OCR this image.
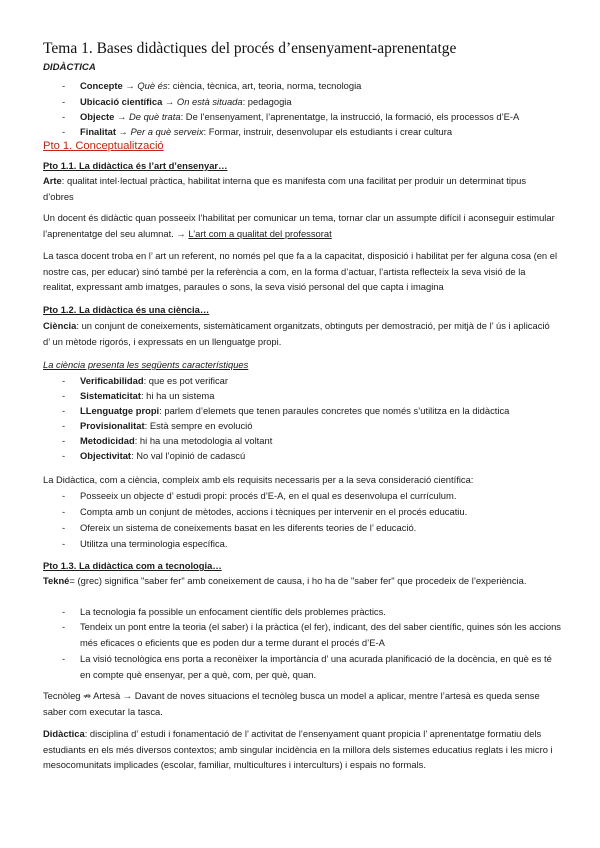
Tema 1. Bases didàctiques del procés d’ensenyament-aprenentatge
DIDÀCTICA
- Concepte → Què és: ciència, tècnica, art, teoria, norma, tecnologia
- Ubicació científica → On està situada: pedagogia
- Objecte → De què trata: De l’ensenyament, l’aprenentatge, la instrucció, la formació, els processos d’E-A
- Finalitat → Per a què serveix: Formar, instruir, desenvolupar els estudiants i crear cultura
Pto 1. Conceptualització
Pto 1.1. La didàctica és l’art d’ensenyar…
Arte: qualitat intel·lectual pràctica, habilitat interna que es manifesta com una facilitat per produir un determinat tipus d’obres
Un docent és didàctic quan posseeix l’habilitat per comunicar un tema, tornar clar un assumpte difícil i aconseguir estimular l’aprenentatge del seu alumnat. → L’art com a qualitat del professorat
La tasca docent troba en l’ art un referent, no només pel que fa a la capacitat, disposició i habilitat per fer alguna cosa (en el nostre cas, per educar) sinó també per la referència a com, en la forma d’actuar, l’artista reflecteix la seva visió de la realitat, expressant amb imatges, paraules o sons, la seva visió personal del que capta i imagina
Pto 1.2. La didàctica és una ciència…
Ciència: un conjunt de coneixements, sistemàticament organitzats, obtinguts per demostració, per mitjà de l’ ús i aplicació d’ un mètode rigorós, i expressats en un llenguatge propi.
La ciència presenta les següents característiques
- Verificabilidad: que es pot verificar
- Sistematicitat: hi ha un sistema
- LLenguatge propi: parlem d’elemets que tenen paraules concretes que només s’utilitza en la didàctica
- Provisionalitat: Està sempre en evolució
- Metodicidad: hi ha una metodologia al voltant
- Objectivitat: No val l’opinió de cadascú
La Didàctica, com a ciència, compleix amb els requisits necessaris per a la seva consideració científica:
- Posseeix un objecte d’ estudi propi: procés d’E-A, en el qual es desenvolupa el currículum.
- Compta amb un conjunt de mètodes, accions i tècniques per intervenir en el procés educatiu.
- Ofereix un sistema de coneixements basat en les diferents teories de l’ educació.
- Utilitza una terminologia específica.
Pto 1.3. La didàctica com a tecnologia…
Tekné= (grec) significa "saber fer" amb coneixement de causa, i ho ha de "saber fer" que procedeix de l’experiència.
- La tecnologia fa possible un enfocament científic dels problemes pràctics.
- Tendeix un pont entre la teoria (el saber) i la pràctica (el fer), indicant, des del saber científic, quines són les accions més eficaces o eficients que es poden dur a terme durant el procés d’E-A
- La visió tecnològica ens porta a reconèixer la importància d’ una acurada planificació de la docència, en què es té en compte què ensenyar, per a què, com, per què, quan.
Tecnòleg ⇏ Artesà → Davant de noves situacions el tecnòleg busca un model a aplicar, mentre l’artesà es queda sense saber com executar la tasca.
Didàctica: disciplina d’ estudi i fonamentació de l’ activitat de l’ensenyament quant propicia l’ aprenentatge formatiu dels estudiants en els més diversos contextos; amb singular incidència en la millora dels sistemes educatius reglats i les micro i mesocomunitats implicades (escolar, familiar, multicultures i interculturs) i espais no formals.
